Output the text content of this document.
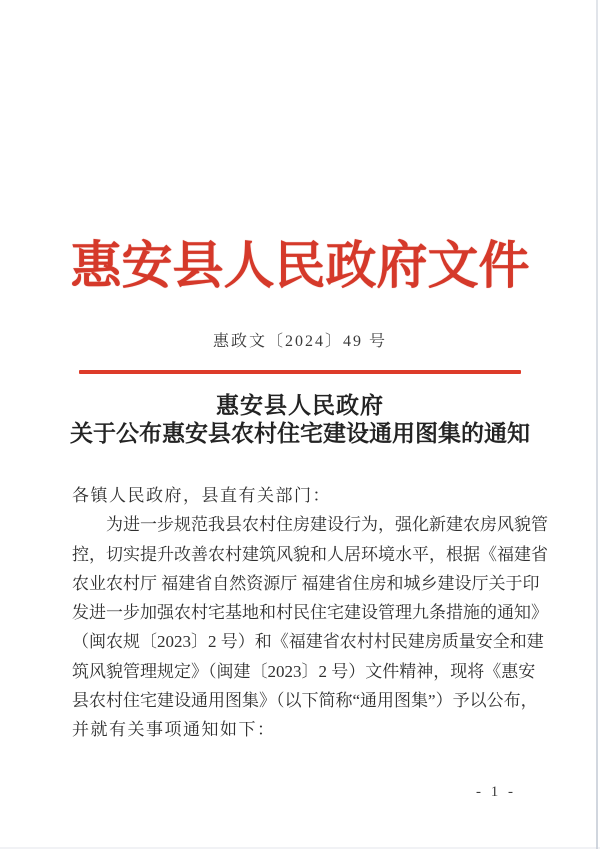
惠安县人民政府文件
惠政文〔2024〕49 号
惠安县人民政府
关于公布惠安县农村住宅建设通用图集的通知
各镇人民政府，县直有关部门：
　　为进一步规范我县农村住房建设行为，强化新建农房风貌管
控，切实提升改善农村建筑风貌和人居环境水平，根据《福建省
农业农村厅 福建省自然资源厅 福建省住房和城乡建设厅关于印
发进一步加强农村宅基地和村民住宅建设管理九条措施的通知》
（闽农规〔2023〕2 号）和《福建省农村村民建房质量安全和建
筑风貌管理规定》（闽建〔2023〕2 号）文件精神，现将《惠安
县农村住宅建设通用图集》（以下简称“通用图集”）予以公布，
并就有关事项通知如下：
- 1 -
